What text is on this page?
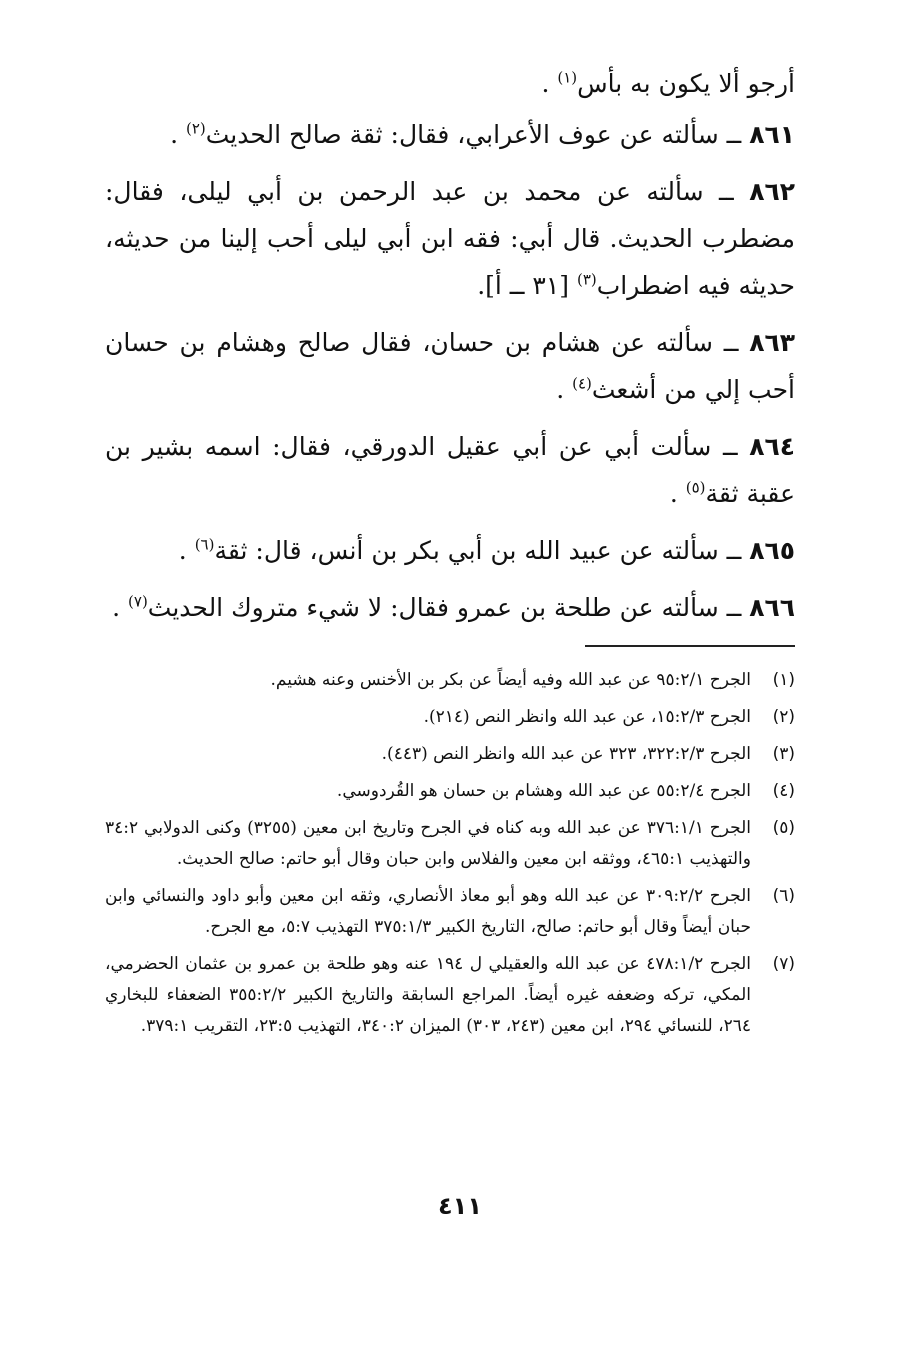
أرجو ألا يكون به بأس$^{(١)}$ .

٨٦١ ــ سألته عن عوف الأعرابي، فقال: ثقة صالح الحديث$^{(٢)}$ .

٨٦٢ ــ سألته عن محمد بن عبد الرحمن بن أبي ليلى، فقال: مضطرب الحديث. قال أبي: فقه ابن أبي ليلى أحب إلينا من حديثه، حديثه فيه اضطراب$^{(٣)}$ [٣١ ــ أ].

٨٦٣ ــ سألته عن هشام بن حسان، فقال صالح وهشام بن حسان أحب إلي من أشعث$^{(٤)}$ .

٨٦٤ ــ سألت أبي عن أبي عقيل الدورقي، فقال: اسمه بشير بن عقبة ثقة$^{(٥)}$ .

٨٦٥ ــ سألته عن عبيد الله بن أبي بكر بن أنس، قال: ثقة$^{(٦)}$ .

٨٦٦ ــ سألته عن طلحة بن عمرو فقال: لا شيء متروك الحديث$^{(٧)}$ .

(١)
الجرح ٩٥:٢/١ عن عبد الله وفيه أيضاً عن بكر بن الأخنس وعنه هشيم.
(٢)
الجرح ١٥:٢/٣، عن عبد الله وانظر النص (٢١٤).
(٣)
الجرح ٣٢٢:٢/٣، ٣٢٣ عن عبد الله وانظر النص (٤٤٣).
(٤)
الجرح ٥٥:٢/٤ عن عبد الله وهشام بن حسان هو القُردوسي.
(٥)
الجرح ٣٧٦:١/١ عن عبد الله وبه كناه في الجرح وتاريخ ابن معين (٣٢٥٥) وكنى الدولابي ٣٤:٢ والتهذيب ٤٦٥:١، ووثقه ابن معين والفلاس وابن حبان وقال أبو حاتم: صالح الحديث.
(٦)
الجرح ٣٠٩:٢/٢ عن عبد الله وهو أبو معاذ الأنصاري، وثقه ابن معين وأبو داود والنسائي وابن حبان أيضاً وقال أبو حاتم: صالح، التاريخ الكبير ٣٧٥:١/٣ التهذيب ٥:٧، مع الجرح.
(٧)
الجرح ٤٧٨:١/٢ عن عبد الله والعقيلي ل ١٩٤ عنه وهو طلحة بن عمرو بن عثمان الحضرمي، المكي، تركه وضعفه غيره أيضاً. المراجع السابقة والتاريخ الكبير ٣٥٥:٢/٢ الضعفاء للبخاري ٢٦٤، للنسائي ٢٩٤، ابن معين (٢٤٣، ٣٠٣) الميزان ٣٤٠:٢، التهذيب ٢٣:٥، التقريب ٣٧٩:١.
٤١١
